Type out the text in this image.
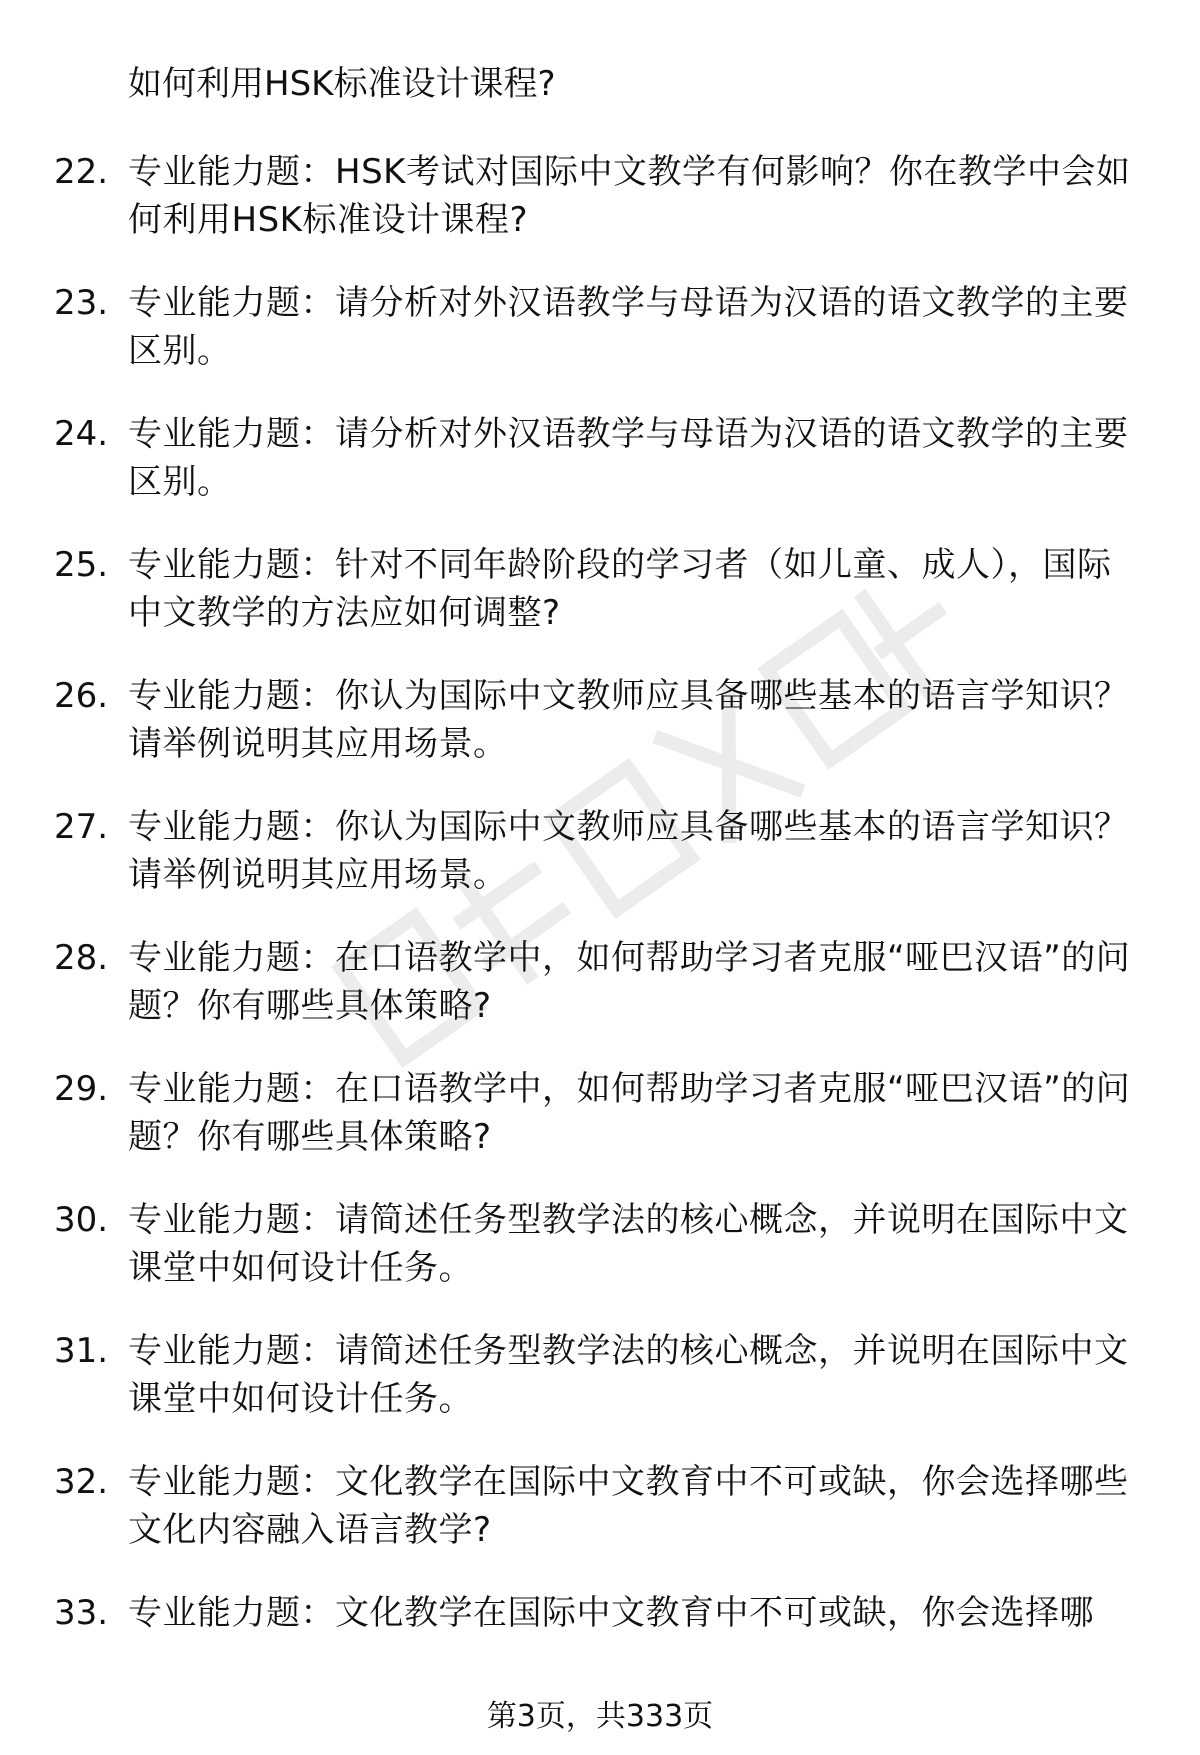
如何利用HSK标准设计课程?
22. 专业能力题：HSK考试对国际中文教学有何影响？你在教学中会如何利用HSK标准设计课程?
23. 专业能力题：请分析对外汉语教学与母语为汉语的语文教学的主要区别。
24. 专业能力题：请分析对外汉语教学与母语为汉语的语文教学的主要区别。
25. 专业能力题：针对不同年龄阶段的学习者（如儿童、成人），国际中文教学的方法应如何调整?
26. 专业能力题：你认为国际中文教师应具备哪些基本的语言学知识？请举例说明其应用场景。
27. 专业能力题：你认为国际中文教师应具备哪些基本的语言学知识？请举例说明其应用场景。
28. 专业能力题：在口语教学中，如何帮助学习者克服“哑巴汉语”的问题？你有哪些具体策略?
29. 专业能力题：在口语教学中，如何帮助学习者克服“哑巴汉语”的问题？你有哪些具体策略?
30. 专业能力题：请简述任务型教学法的核心概念，并说明在国际中文课堂中如何设计任务。
31. 专业能力题：请简述任务型教学法的核心概念，并说明在国际中文课堂中如何设计任务。
32. 专业能力题：文化教学在国际中文教育中不可或缺，你会选择哪些文化内容融入语言教学?
33. 专业能力题：文化教学在国际中文教育中不可或缺，你会选择哪
第3页，共333页
